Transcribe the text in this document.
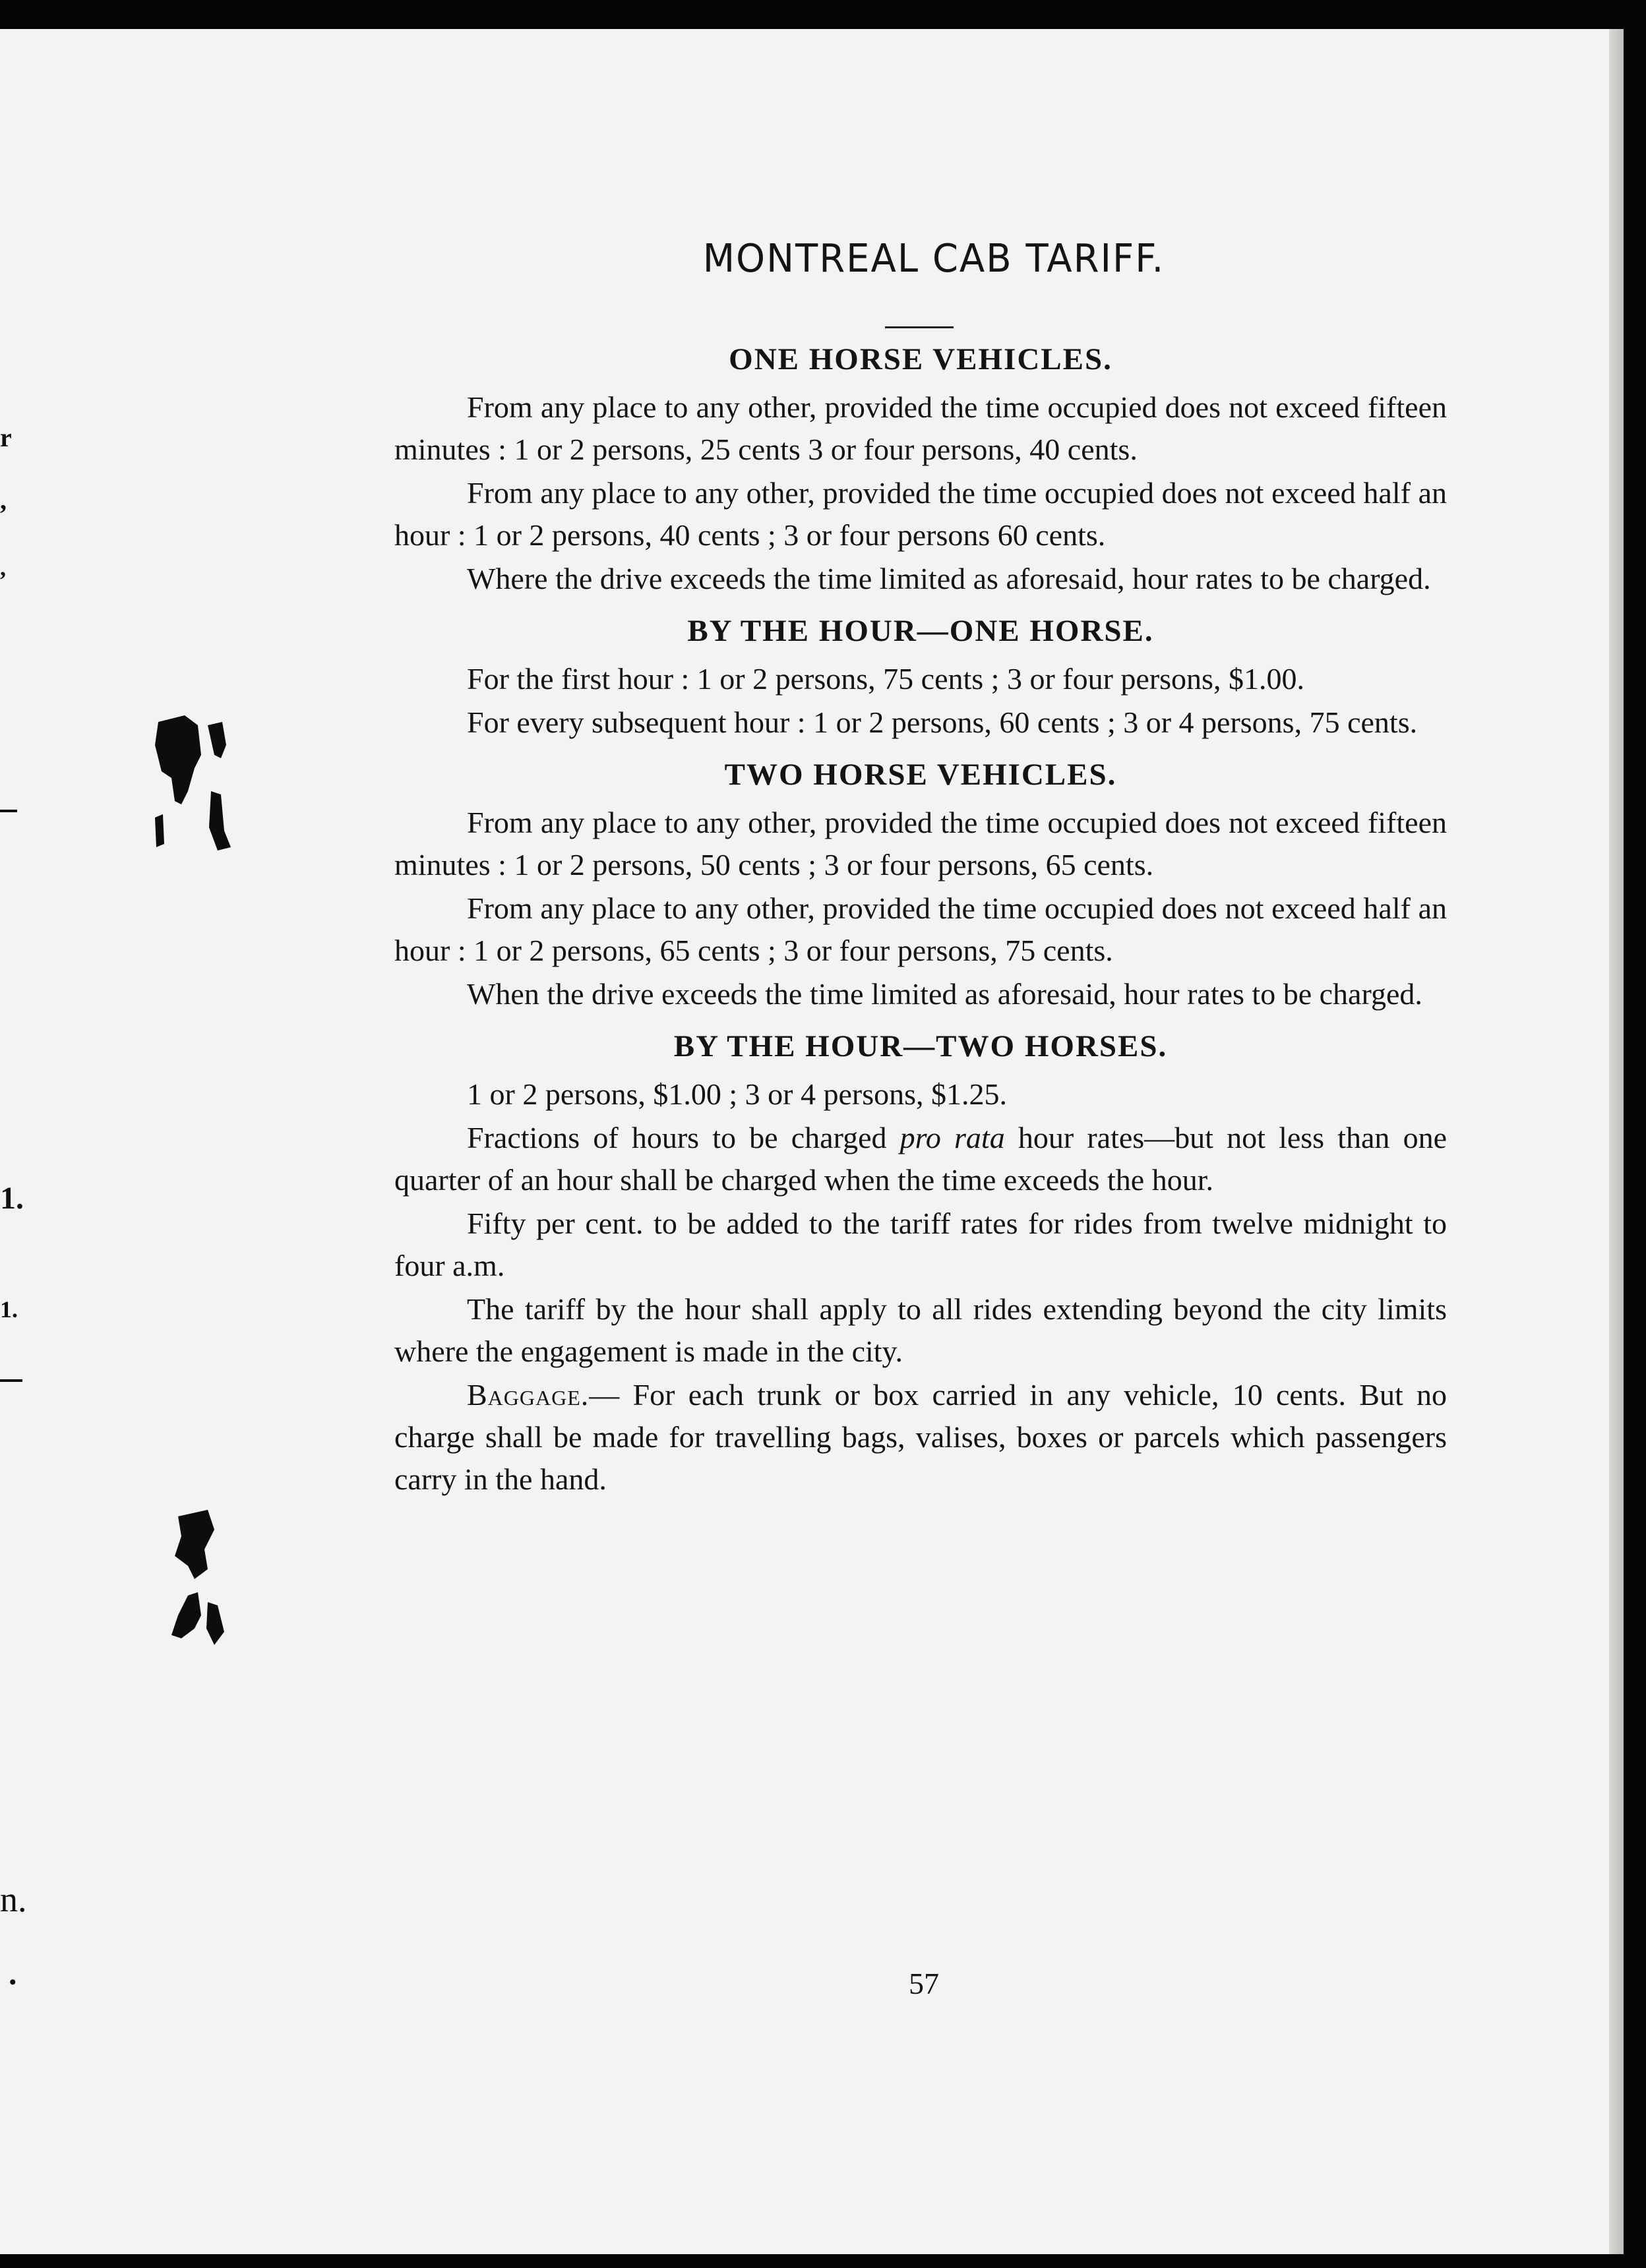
r
,
,
1.
1.
n.
•
MONTREAL CAB TARIFF.
ONE HORSE VEHICLES.

From any place to any other, provided the time occupied does not exceed fifteen minutes : 1 or 2 persons, 25 cents 3 or four persons, 40 cents.

From any place to any other, provided the time occupied does not exceed half an hour : 1 or 2 persons, 40 cents ; 3 or four persons 60 cents.

Where the drive exceeds the time limited as aforesaid, hour rates to be charged.

BY THE HOUR—ONE HORSE.

For the first hour : 1 or 2 persons, 75 cents ; 3 or four persons, $1.00.

For every subsequent hour : 1 or 2 persons, 60 cents ; 3 or 4 persons, 75 cents.

TWO HORSE VEHICLES.

From any place to any other, provided the time occupied does not exceed fifteen minutes : 1 or 2 persons, 50 cents ; 3 or four persons, 65 cents.

From any place to any other, provided the time occupied does not exceed half an hour : 1 or 2 persons, 65 cents ; 3 or four persons, 75 cents.

When the drive exceeds the time limited as aforesaid, hour rates to be charged.

BY THE HOUR—TWO HORSES.

1 or 2 persons, $1.00 ; 3 or 4 persons, $1.25.

Fractions of hours to be charged pro rata hour rates—but not less than one quarter of an hour shall be charged when the time exceeds the hour.

Fifty per cent. to be added to the tariff rates for rides from twelve midnight to four a.m.

The tariff by the hour shall apply to all rides extending beyond the city limits where the engagement is made in the city.

Baggage.— For each trunk or box carried in any vehicle, 10 cents. But no charge shall be made for travelling bags, valises, boxes or parcels which passengers carry in the hand.

57
